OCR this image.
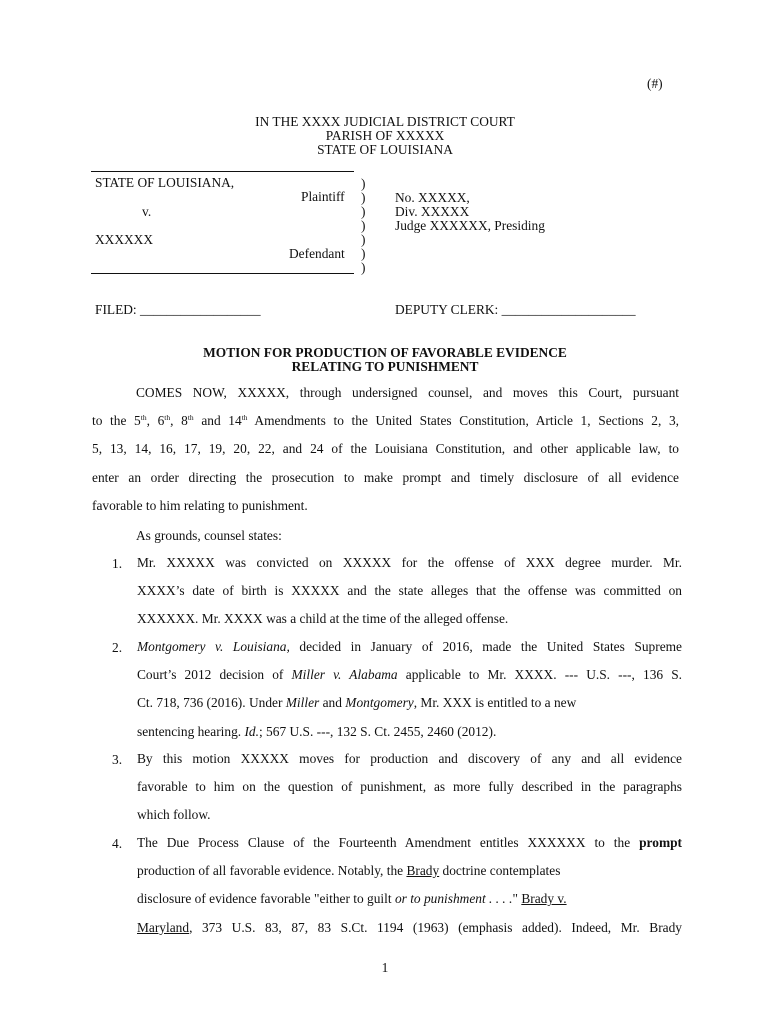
(#)
IN THE XXXX JUDICIAL DISTRICT COURT
PARISH OF XXXXX
STATE OF LOUISIANA
STATE OF LOUISIANA,
Plaintiff
v.
XXXXXX
Defendant
)
)
)
)
)
)
)
No. XXXXX,
Div. XXXXX
Judge XXXXXX, Presiding
FILED: __________________	DEPUTY CLERK: ____________________
MOTION FOR PRODUCTION OF FAVORABLE EVIDENCE
RELATING TO PUNISHMENT
COMES NOW, XXXXX, through undersigned counsel, and moves this Court, pursuant
to the 5th, 6th, 8th and 14th Amendments to the United States Constitution, Article 1, Sections 2, 3,
5, 13, 14, 16, 17, 19, 20, 22, and 24 of the Louisiana Constitution, and other applicable law, to
enter an order directing the prosecution to make prompt and timely disclosure of all evidence
favorable to him relating to punishment.
As grounds, counsel states:
1. Mr. XXXXX was convicted on XXXXX for the offense of XXX degree murder. Mr.
XXXX’s date of birth is XXXXX and the state alleges that the offense was committed on
XXXXXX. Mr. XXXX was a child at the time of the alleged offense.
2. Montgomery v. Louisiana, decided in January of 2016, made the United States Supreme
Court’s 2012 decision of Miller v. Alabama applicable to Mr. XXXX. --- U.S. ---, 136 S.
Ct. 718, 736 (2016). Under Miller and Montgomery, Mr. XXX is entitled to a new
sentencing hearing. Id.; 567 U.S. ---, 132 S. Ct. 2455, 2460 (2012).
3. By this motion XXXXX moves for production and discovery of any and all evidence
favorable to him on the question of punishment, as more fully described in the paragraphs
which follow.
4. The Due Process Clause of the Fourteenth Amendment entitles XXXXXX to the prompt
production of all favorable evidence. Notably, the Brady doctrine contemplates
disclosure of evidence favorable "either to guilt or to punishment . . . ." Brady v.
Maryland, 373 U.S. 83, 87, 83 S.Ct. 1194 (1963) (emphasis added). Indeed, Mr. Brady
1
